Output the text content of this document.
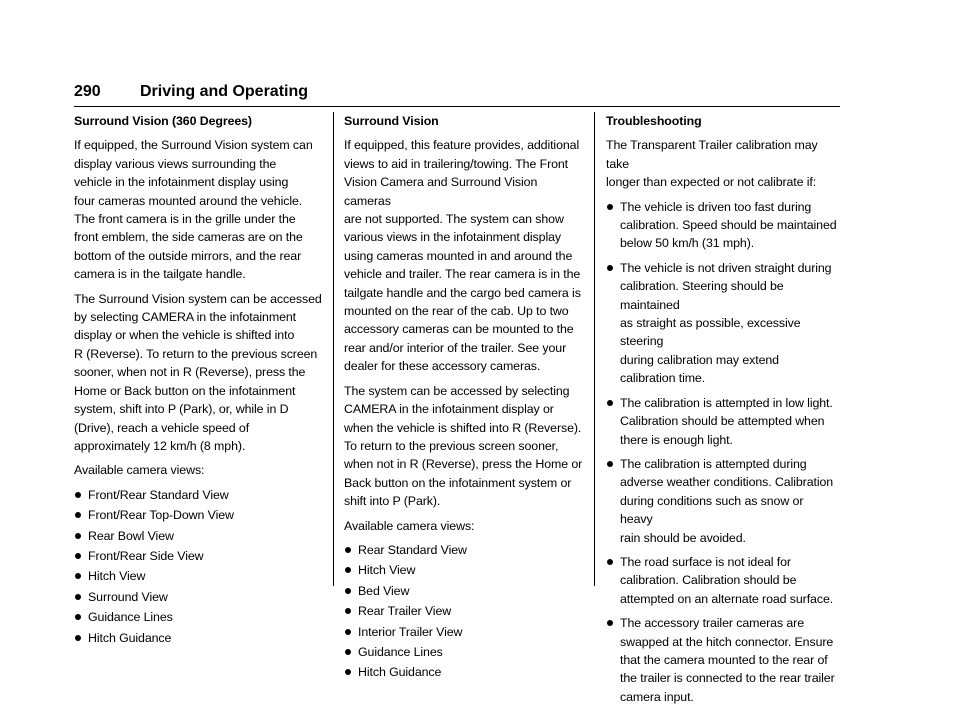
290 Driving and Operating
Surround Vision (360 Degrees)

If equipped, the Surround Vision system can
display various views surrounding the
vehicle in the infotainment display using
four cameras mounted around the vehicle.
The front camera is in the grille under the
front emblem, the side cameras are on the
bottom of the outside mirrors, and the rear
camera is in the tailgate handle.

The Surround Vision system can be accessed
by selecting CAMERA in the infotainment
display or when the vehicle is shifted into
R (Reverse). To return to the previous screen
sooner, when not in R (Reverse), press the
Home or Back button on the infotainment
system, shift into P (Park), or, while in D
(Drive), reach a vehicle speed of
approximately 12 km/h (8 mph).

Available camera views:

Front/Rear Standard View
Front/Rear Top-Down View
Rear Bowl View
Front/Rear Side View
Hitch View
Surround View
Guidance Lines
Hitch Guidance
Surround Vision

If equipped, this feature provides, additional
views to aid in trailering/towing. The Front
Vision Camera and Surround Vision cameras
are not supported. The system can show
various views in the infotainment display
using cameras mounted in and around the
vehicle and trailer. The rear camera is in the
tailgate handle and the cargo bed camera is
mounted on the rear of the cab. Up to two
accessory cameras can be mounted to the
rear and/or interior of the trailer. See your
dealer for these accessory cameras.

The system can be accessed by selecting
CAMERA in the infotainment display or
when the vehicle is shifted into R (Reverse).
To return to the previous screen sooner,
when not in R (Reverse), press the Home or
Back button on the infotainment system or
shift into P (Park).

Available camera views:

Rear Standard View
Hitch View
Bed View
Rear Trailer View
Interior Trailer View
Guidance Lines
Hitch Guidance
Troubleshooting

The Transparent Trailer calibration may take
longer than expected or not calibrate if:

The vehicle is driven too fast during
calibration. Speed should be maintained
below 50 km/h (31 mph).
The vehicle is not driven straight during
calibration. Steering should be maintained
as straight as possible, excessive steering
during calibration may extend
calibration time.
The calibration is attempted in low light.
Calibration should be attempted when
there is enough light.
The calibration is attempted during
adverse weather conditions. Calibration
during conditions such as snow or heavy
rain should be avoided.
The road surface is not ideal for
calibration. Calibration should be
attempted on an alternate road surface.
The accessory trailer cameras are
swapped at the hitch connector. Ensure
that the camera mounted to the rear of
the trailer is connected to the rear trailer
camera input.
